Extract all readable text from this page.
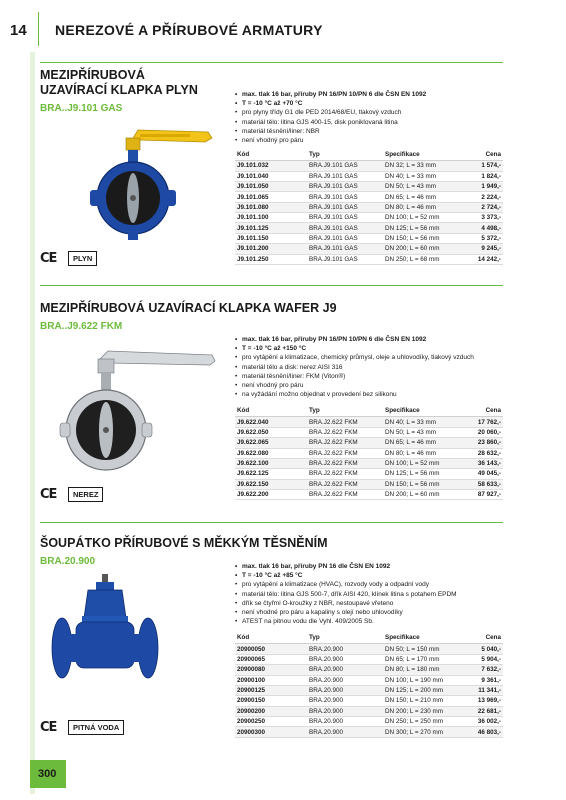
14 NEREZOVÉ A PŘÍRUBOVÉ ARMATURY
MEZIPŘÍRUBOVÁ
UZAVÍRACÍ KLAPKA PLYN
BRA..J9.101 GAS
CE	PLYN
• max. tlak 16 bar, příruby PN 16/PN 10/PN 6 dle ČSN EN 1092
• T = -10 °C až +70 °C
• pro plyny třídy G1 dle PED 2014/68/EU, tlakový vzduch
• materiál tělo: litina GJS 400-15, disk poniklovaná litina
• materiál těsnění/liner: NBR
• není vhodný pro páru
Kód	Typ	Specifikace	Cena
J9.101.032	BRA.J9.101 GAS	DN 32; L = 33 mm	1 574,-
J9.101.040	BRA.J9.101 GAS	DN 40; L = 33 mm	1 824,-
J9.101.050	BRA.J9.101 GAS	DN 50; L = 43 mm	1 949,-
J9.101.065	BRA.J9.101 GAS	DN 65; L = 46 mm	2 224,-
J9.101.080	BRA.J9.101 GAS	DN 80; L = 46 mm	2 724,-
J9.101.100	BRA.J9.101 GAS	DN 100; L = 52 mm	3 373,-
J9.101.125	BRA.J9.101 GAS	DN 125; L = 56 mm	4 498,-
J9.101.150	BRA.J9.101 GAS	DN 150; L = 56 mm	5 372,-
J9.101.200	BRA.J9.101 GAS	DN 200; L = 60 mm	9 245,-
J9.101.250	BRA.J9.101 GAS	DN 250; L = 68 mm	14 242,-
MEZIPŘÍRUBOVÁ UZAVÍRACÍ KLAPKA WAFER J9
BRA..J9.622 FKM
CE	NEREZ
• max. tlak 16 bar, příruby PN 16/PN 10/PN 6 dle ČSN EN 1092
• T = -10 °C až +150 °C
• pro vytápění a klimatizace, chemický průmysl, oleje a uhlovodíky, tlakový vzduch
• materiál tělo a disk: nerez AISI 316
• materiál těsnění/liner: FKM (Viton®)
• není vhodný pro páru
• na vyžádání možno objednat v provedení bez silikonu
Kód	Typ	Specifikace	Cena
J9.622.040	BRA.J2.622 FKM	DN 40; L = 33 mm	17 762,-
J9.622.050	BRA.J2.622 FKM	DN 50; L = 43 mm	20 060,-
J9.622.065	BRA.J2.622 FKM	DN 65; L = 46 mm	23 860,-
J9.622.080	BRA.J2.622 FKM	DN 80; L = 46 mm	28 632,-
J9.622.100	BRA.J2.622 FKM	DN 100; L = 52 mm	36 143,-
J9.622.125	BRA.J2.622 FKM	DN 125; L = 56 mm	49 045,-
J9.622.150	BRA.J2.622 FKM	DN 150; L = 56 mm	58 633,-
J9.622.200	BRA.J2.622 FKM	DN 200; L = 60 mm	87 927,-
ŠOUPÁTKO PŘÍRUBOVÉ S MĚKKÝM TĚSNĚNÍM
BRA.20.900
CE	PITNÁ VODA
• max. tlak 16 bar, příruby PN 16 dle ČSN EN 1092
• T = -10 °C až +85 °C
• pro vytápění a klimatizace (HVAC), rozvody vody a odpadní vody
• materiál tělo: litina GJS 500-7, dřík AISI 420, klínek litina s potahem EPDM
• dřík se čtyřmi O-kroužky z NBR, nestoupavé vřeteno
• není vhodné pro páru a kapaliny s olejí nebo uhlovodíky
• ATEST na pitnou vodu dle Vyhl. 409/2005 Sb.
Kód	Typ	Specifikace	Cena
20900050	BRA.20.900	DN 50; L = 150 mm	5 040,-
20900065	BRA.20.900	DN 65; L = 170 mm	5 904,-
20900080	BRA.20.900	DN 80; L = 180 mm	7 632,-
20900100	BRA.20.900	DN 100; L = 190 mm	9 361,-
20900125	BRA.20.900	DN 125; L = 200 mm	11 341,-
20900150	BRA.20.900	DN 150; L = 210 mm	13 969,-
20900200	BRA.20.900	DN 200; L = 230 mm	22 681,-
20900250	BRA.20.900	DN 250; L = 250 mm	36 002,-
20900300	BRA.20.900	DN 300; L = 270 mm	46 803,-
300
